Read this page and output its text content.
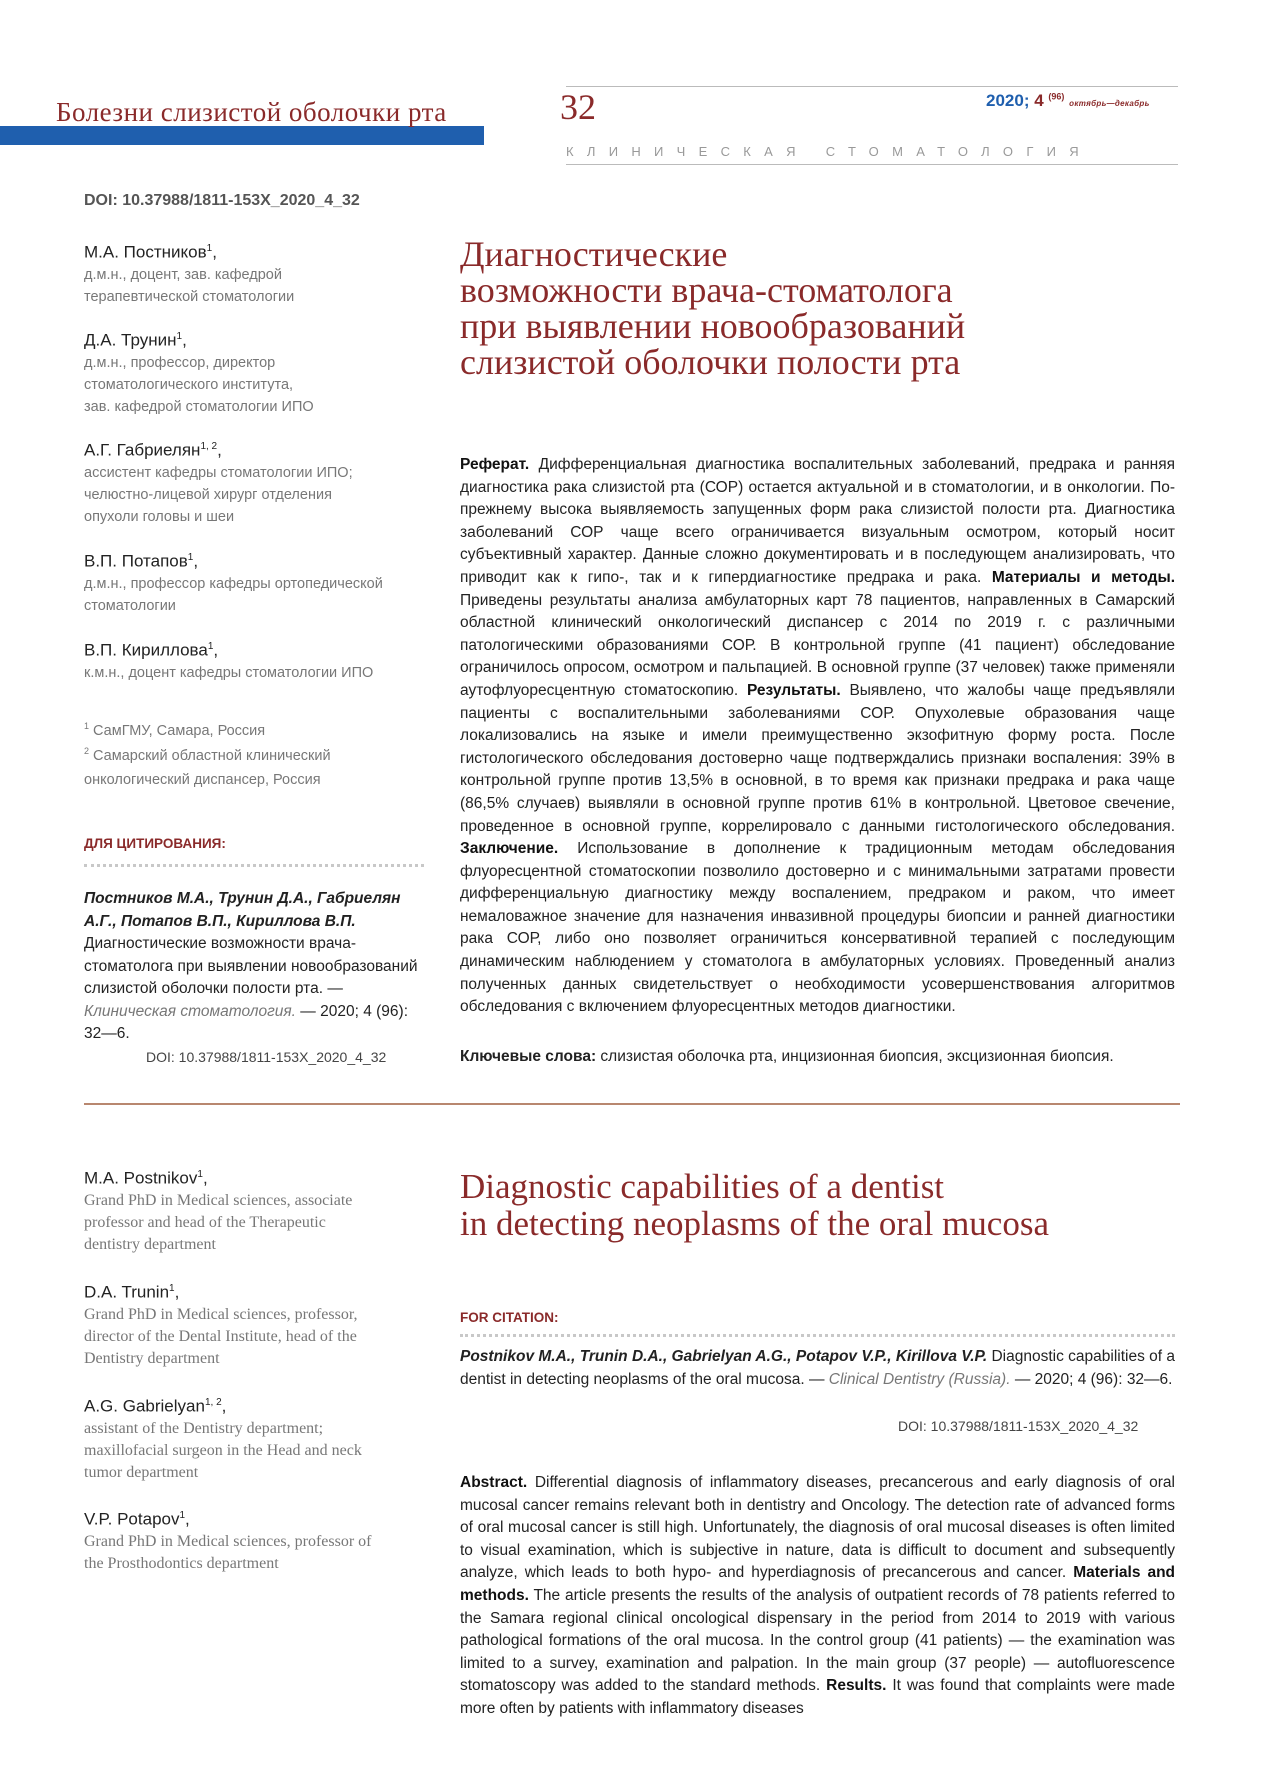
Болезни слизистой оболочки рта	32	2020; 4 $^{(96)}$ октябрь—декабрь
КЛИНИЧЕСКАЯ СТОМАТОЛОГИЯ
DOI: 10.37988/1811-153X_2020_4_32
М.А. Постников$^1$,
д.м.н., доцент, зав. кафедрой
терапевтической стоматологии
Д.А. Трунин$^1$,
д.м.н., профессор, директор
стоматологического института,
зав. кафедрой стоматологии ИПО
А.Г. Габриелян$^{1, 2}$,
ассистент кафедры стоматологии ИПО;
челюстно-лицевой хирург отделения
опухоли головы и шеи
В.П. Потапов$^1$,
д.м.н., профессор кафедры ортопедической
стоматологии
В.П. Кириллова$^1$,
к.м.н., доцент кафедры стоматологии ИПО
$^1$ СамГМУ, Самара, Россия
$^2$ Самарский областной клинический
онкологический диспансер, Россия
ДЛЯ ЦИТИРОВАНИЯ:
Постников М.А., Трунин Д.А., Габриелян А.Г., Потапов В.П., Кириллова В.П. Диагностические возможности врача-стоматолога при выявлении новообразований слизистой оболочки полости рта. — Клиническая стоматология. — 2020; 4 (96): 32—6.
DOI: 10.37988/1811-153X_2020_4_32
Диагностические
возможности врача-стоматолога
при выявлении новообразований
слизистой оболочки полости рта
Реферат. Дифференциальная диагностика воспалительных заболеваний, предрака и ранняя диагностика рака слизистой рта (СОР) остается актуальной и в стоматологии, и в онкологии. По-прежнему высока выявляемость запущенных форм рака слизистой полости рта. Диагностика заболеваний СОР чаще всего ограничивается визуальным осмотром, который носит субъективный характер. Данные сложно документировать и в последующем анализировать, что приводит как к гипо-, так и к гипердиагностике предрака и рака. Материалы и методы. Приведены результаты анализа амбулаторных карт 78 пациентов, направленных в Самарский областной клинический онкологический диспансер с 2014 по 2019 г. с различными патологическими образованиями СОР. В контрольной группе (41 пациент) обследование ограничилось опросом, осмотром и пальпацией. В основной группе (37 человек) также применяли аутофлуоресцентную стоматоскопию. Результаты. Выявлено, что жалобы чаще предъявляли пациенты с воспалительными заболеваниями СОР. Опухолевые образования чаще локализовались на языке и имели преимущественно экзофитную форму роста. После гистологического обследования достоверно чаще подтверждались признаки воспаления: 39% в контрольной группе против 13,5% в основной, в то время как признаки предрака и рака чаще (86,5% случаев) выявляли в основной группе против 61% в контрольной. Цветовое свечение, проведенное в основной группе, коррелировало с данными гистологического обследования. Заключение. Использование в дополнение к традиционным методам обследования флуоресцентной стоматоскопии позволило достоверно и с минимальными затратами провести дифференциальную диагностику между воспалением, предраком и раком, что имеет немаловажное значение для назначения инвазивной процедуры биопсии и ранней диагностики рака СОР, либо оно позволяет ограничиться консервативной терапией с последующим динамическим наблюдением у стоматолога в амбулаторных условиях. Проведенный анализ полученных данных свидетельствует о необходимости усовершенствования алгоритмов обследования с включением флуоресцентных методов диагностики.
Ключевые слова: слизистая оболочка рта, инцизионная биопсия, эксцизионная биопсия.
M.A. Postnikov$^1$,
Grand PhD in Medical sciences, associate
professor and head of the Therapeutic
dentistry department
D.A. Trunin$^1$,
Grand PhD in Medical sciences, professor,
director of the Dental Institute, head of the
Dentistry department
A.G. Gabrielyan$^{1, 2}$,
assistant of the Dentistry department;
maxillofacial surgeon in the Head and neck
tumor department
V.P. Potapov$^1$,
Grand PhD in Medical sciences, professor of
the Prosthodontics department
Diagnostic capabilities of a dentist
in detecting neoplasms of the oral mucosa
FOR CITATION:
Postnikov M.A., Trunin D.A., Gabrielyan A.G., Potapov V.P., Kirillova V.P. Diagnostic capabilities of a dentist in detecting neoplasms of the oral mucosa. — Clinical Dentistry (Russia). — 2020; 4 (96): 32—6.
DOI: 10.37988/1811-153X_2020_4_32
Abstract. Differential diagnosis of inflammatory diseases, precancerous and early diagnosis of oral mucosal cancer remains relevant both in dentistry and Oncology. The detection rate of advanced forms of oral mucosal cancer is still high. Unfortunately, the diagnosis of oral mucosal diseases is often limited to visual examination, which is subjective in nature, data is difficult to document and subsequently analyze, which leads to both hypo- and hyperdiagnosis of precancerous and cancer. Materials and methods. The article presents the results of the analysis of outpatient records of 78 patients referred to the Samara regional clinical oncological dispensary in the period from 2014 to 2019 with various pathological formations of the oral mucosa. In the control group (41 patients) — the examination was limited to a survey, examination and palpation. In the main group (37 people) — autofluorescence stomatoscopy was added to the standard methods. Results. It was found that complaints were made more often by patients with inflammatory diseases
